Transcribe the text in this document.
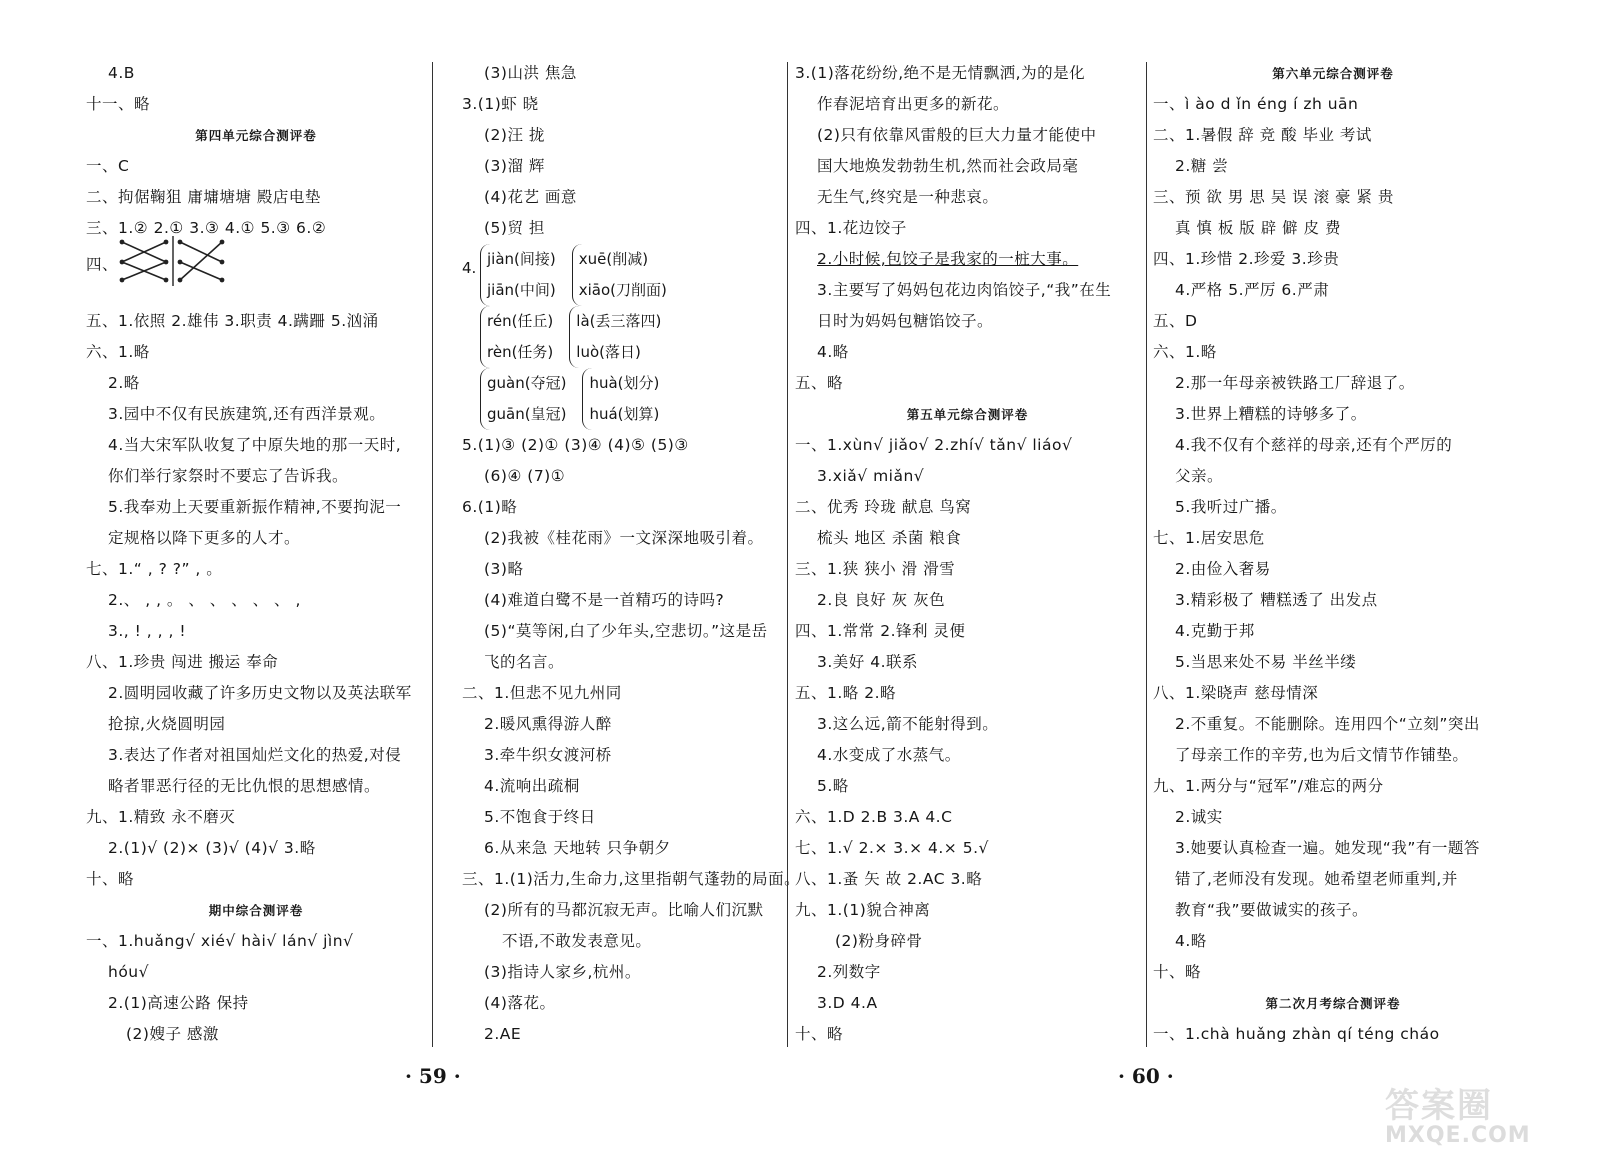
4.B
十一、略
第四单元综合测评卷
一、C
二、拘倨鞠狙 庸墉塘塘 殿店电垫
三、1.② 2.① 3.③ 4.① 5.③ 6.②
四、
五、1.依照 2.雄伟 3.职责 4.蹒跚 5.汹涌
六、1.略
2.略
3.园中不仅有民族建筑,还有西洋景观。
4.当大宋军队收复了中原失地的那一天时,
你们举行家祭时不要忘了告诉我。
5.我奉劝上天要重新振作精神,不要拘泥一
定规格以降下更多的人才。
七、1.“ , ? ?” , 。
2.、 , , 。 、 、 、 、 、 ,
3., ! , , , !
八、1.珍贵 闯进 搬运 奉命
2.圆明园收藏了许多历史文物以及英法联军
抢掠,火烧圆明园
3.表达了作者对祖国灿烂文化的热爱,对侵
略者罪恶行径的无比仇恨的思想感情。
九、1.精致 永不磨灭
2.(1)√ (2)× (3)√ (4)√ 3.略
十、略
期中综合测评卷
一、1.huǎng√ xié√ hài√ lán√ jìn√
hóu√
2.(1)高速公路 保持
(2)嫂子 感激
(3)山洪 焦急
3.(1)虾 晓
(2)汪 拢
(3)溜 辉
(4)花艺 画意
(5)贸 担
4. jiàn(间接)
jiān(中间)
xuē(削减)
xiāo(刀削面)
rén(任丘)
rèn(任务)
là(丢三落四)
luò(落日)
guàn(夺冠)
guān(皇冠)
huà(划分)
huá(划算)
5.(1)③ (2)① (3)④ (4)⑤ (5)③
(6)④ (7)①
6.(1)略
(2)我被《桂花雨》一文深深地吸引着。
(3)略
(4)难道白鹭不是一首精巧的诗吗?
(5)“莫等闲,白了少年头,空悲切。”这是岳
飞的名言。
二、1.但悲不见九州同
2.暖风熏得游人醉
3.牵牛织女渡河桥
4.流响出疏桐
5.不饱食于终日
6.从来急 天地转 只争朝夕
三、1.(1)活力,生命力,这里指朝气蓬勃的局面。
(2)所有的马都沉寂无声。比喻人们沉默
不语,不敢发表意见。
(3)指诗人家乡,杭州。
(4)落花。
2.AE
3.(1)落花纷纷,绝不是无情飘洒,为的是化
作春泥培育出更多的新花。
(2)只有依靠风雷般的巨大力量才能使中
国大地焕发勃勃生机,然而社会政局毫
无生气,终究是一种悲哀。
四、1.花边饺子
2.小时候,包饺子是我家的一桩大事。
3.主要写了妈妈包花边肉馅饺子,“我”在生
日时为妈妈包糖馅饺子。
4.略
五、略
第五单元综合测评卷
一、1.xùn√ jiǎo√ 2.zhí√ tǎn√ liáo√
3.xiǎ√ miǎn√
二、优秀 玲珑 献息 鸟窝
梳头 地区 杀菌 粮食
三、1.狭 狭小 滑 滑雪
2.良 良好 灰 灰色
四、1.常常 2.锋利 灵便
3.美好 4.联系
五、1.略 2.略
3.这么远,箭不能射得到。
4.水变成了水蒸气。
5.略
六、1.D 2.B 3.A 4.C
七、1.√ 2.× 3.× 4.× 5.√
八、1.蚤 矢 故 2.AC 3.略
九、1.(1)貌合神离
(2)粉身碎骨
2.列数字
3.D 4.A
十、略
第六单元综合测评卷
一、ì ào d ǐn éng í zh uān
二、1.暑假 辞 竞 酸 毕业 考试
2.糖 尝
三、预 欲 男 思 吴 误 滚 豪 紧 贵
真 慎 板 版 辟 僻 皮 费
四、1.珍惜 2.珍爱 3.珍贵
4.严格 5.严厉 6.严肃
五、D
六、1.略
2.那一年母亲被铁路工厂辞退了。
3.世界上糟糕的诗够多了。
4.我不仅有个慈祥的母亲,还有个严厉的
父亲。
5.我听过广播。
七、1.居安思危
2.由俭入奢易
3.精彩极了 糟糕透了 出发点
4.克勤于邦
5.当思来处不易 半丝半缕
八、1.梁晓声 慈母情深
2.不重复。不能删除。连用四个“立刻”突出
了母亲工作的辛劳,也为后文情节作铺垫。
九、1.两分与“冠军”/难忘的两分
2.诚实
3.她要认真检查一遍。她发现“我”有一题答
错了,老师没有发现。她希望老师重判,并
教育“我”要做诚实的孩子。
4.略
十、略
第二次月考综合测评卷
一、1.chà huǎng zhàn qí téng cháo
· 59 ·	· 60 ·
答案圈
MXQE.COM
